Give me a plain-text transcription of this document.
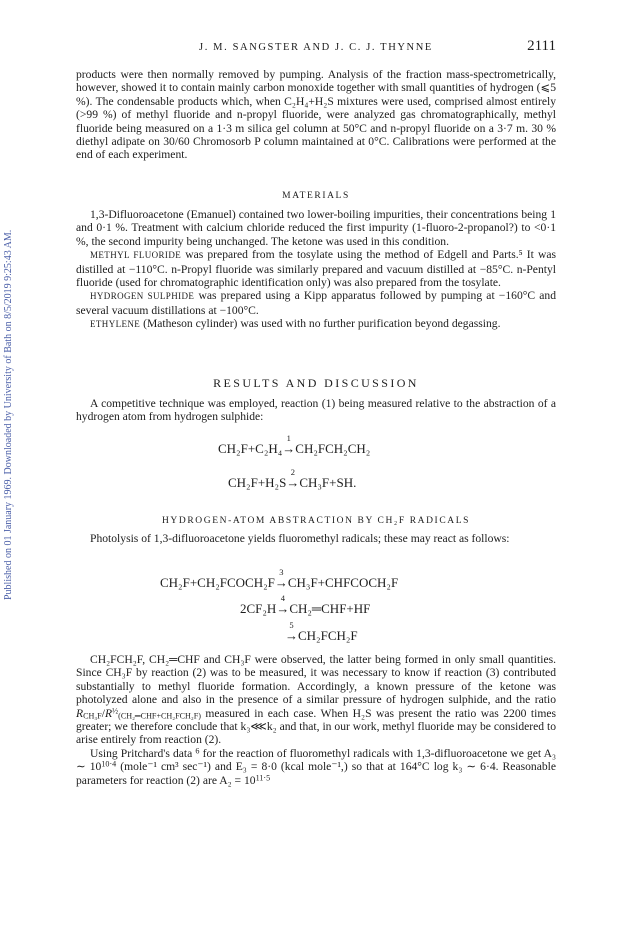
Published on 01 January 1969. Downloaded by University of Bath on 8/5/2019 9:25:43 AM.
J. M. SANGSTER AND J. C. J. THYNNE	2111

products were then normally removed by pumping. Analysis of the fraction mass-spectrometrically, however, showed it to contain mainly carbon monoxide together with small quantities of hydrogen (⩽5 %). The condensable products which, when C₂H₄+H₂S mixtures were used, comprised almost entirely (>99 %) of methyl fluoride and n-propyl fluoride, were analyzed gas chromatographically, methyl fluoride being measured on a 1·3 m silica gel column at 50°C and n-propyl fluoride on a 3·7 m. 30 % diethyl adipate on 30/60 Chromosorb P column maintained at 0°C. Calibrations were performed at the end of each experiment.

MATERIALS

1,3-Difluoroacetone (Emanuel) contained two lower-boiling impurities, their concentrations being 1 and 0·1 %. Treatment with calcium chloride reduced the first impurity (1-fluoro-2-propanol?) to <0·1 %, the second impurity being unchanged. The ketone was used in this condition.

METHYL FLUORIDE was prepared from the tosylate using the method of Edgell and Parts.⁵ It was distilled at −110°C. n-Propyl fluoride was similarly prepared and vacuum distilled at −85°C. n-Pentyl fluoride (used for chromatographic identification only) was also prepared from the tosylate.

HYDROGEN SULPHIDE was prepared using a Kipp apparatus followed by pumping at −160°C and several vacuum distillations at −100°C.

ETHYLENE (Matheson cylinder) was used with no further purification beyond degassing.

RESULTS AND DISCUSSION

A competitive technique was employed, reaction (1) being measured relative to the abstraction of a hydrogen atom from hydrogen sulphide:

CH₂F+C₂H₄
1
→CH₂FCH₂CH₂
CH₂F+H₂S
2
→CH₃F+SH.
HYDROGEN-ATOM ABSTRACTION BY CH₂F RADICALS

Photolysis of 1,3-difluoroacetone yields fluoromethyl radicals; these may react as follows:

CH₂F+CH₂FCOCH₂F
3
→CH₃F+CHFCOCH₂F
2CF₂H
4
→CH₂═CHF+HF
5
→CH₂FCH₂F

CH₂FCH₂F, CH₂═CHF and CH₃F were observed, the latter being formed in only small quantities. Since CH₃F by reaction (2) was to be measured, it was necessary to know if reaction (3) contributed substantially to methyl fluoride formation. Accordingly, a known pressure of the ketone was photolyzed alone and also in the presence of a similar pressure of hydrogen sulphide, and the ratio $R_{CH_3F}/R^{\frac{1}{2}}_{(CH_2═CHF+CH_2FCH_2F)}$ measured in each case. When H₂S was present the ratio was 2200 times greater; we therefore conclude that k₃⋘k₂ and that, in our work, methyl fluoride may be considered to arise entirely from reaction (2).

Using Pritchard's data $^6$ for the reaction of fluoromethyl radicals with 1,3-difluoroacetone we get A₃ ∼ $10^{10\cdot 4}$ (mole⁻¹ cm³ sec⁻¹) and E₃ = 8·0 (kcal mole⁻¹,) so that at 164°C log k₃ ∼ 6·4. Reasonable parameters for reaction (2) are $A_2 = 10^{11\cdot 5}$
